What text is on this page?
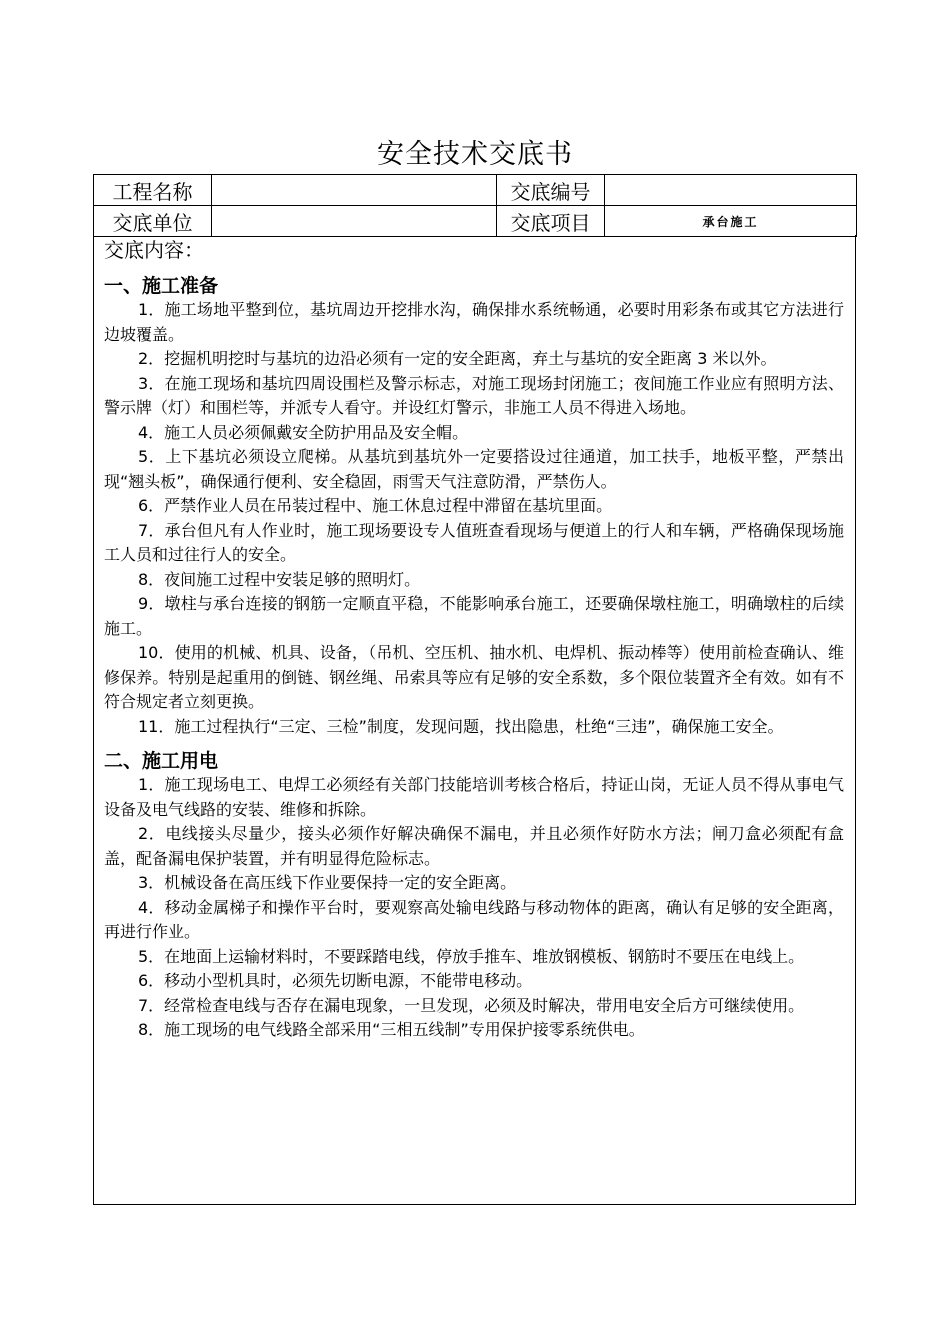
安全技术交底书
工程名称		交底编号	
交底单位		交底项目	承台施工
交底内容：
一、施工准备

1．施工场地平整到位，基坑周边开挖排水沟，确保排水系统畅通，必要时用彩条布或其它方法进行边坡覆盖。

2．挖掘机明挖时与基坑的边沿必须有一定的安全距离，弃土与基坑的安全距离 3 米以外。

3．在施工现场和基坑四周设围栏及警示标志，对施工现场封闭施工；夜间施工作业应有照明方法、警示牌（灯）和围栏等，并派专人看守。并设红灯警示，非施工人员不得进入场地。

4．施工人员必须佩戴安全防护用品及安全帽。

5．上下基坑必须设立爬梯。从基坑到基坑外一定要搭设过往通道，加工扶手，地板平整，严禁出现“翘头板”，确保通行便利、安全稳固，雨雪天气注意防滑，严禁伤人。

6．严禁作业人员在吊装过程中、施工休息过程中滞留在基坑里面。

7．承台但凡有人作业时，施工现场要设专人值班查看现场与便道上的行人和车辆，严格确保现场施工人员和过往行人的安全。

8．夜间施工过程中安装足够的照明灯。

9．墩柱与承台连接的钢筋一定顺直平稳，不能影响承台施工，还要确保墩柱施工，明确墩柱的后续施工。

10．使用的机械、机具、设备，（吊机、空压机、抽水机、电焊机、振动棒等）使用前检查确认、维修保养。特别是起重用的倒链、钢丝绳、吊索具等应有足够的安全系数，多个限位装置齐全有效。如有不符合规定者立刻更换。

11．施工过程执行“三定、三检”制度，发现问题，找出隐患，杜绝“三违”，确保施工安全。

二、施工用电

1．施工现场电工、电焊工必须经有关部门技能培训考核合格后，持证山岗，无证人员不得从事电气设备及电气线路的安装、维修和拆除。

2．电线接头尽量少，接头必须作好解决确保不漏电，并且必须作好防水方法；闸刀盒必须配有盒盖，配备漏电保护装置，并有明显得危险标志。

3．机械设备在高压线下作业要保持一定的安全距离。

4．移动金属梯子和操作平台时，要观察高处输电线路与移动物体的距离，确认有足够的安全距离，再进行作业。

5．在地面上运输材料时，不要踩踏电线，停放手推车、堆放钢模板、钢筋时不要压在电线上。

6．移动小型机具时，必须先切断电源，不能带电移动。

7．经常检查电线与否存在漏电现象，一旦发现，必须及时解决，带用电安全后方可继续使用。

8．施工现场的电气线路全部采用“三相五线制”专用保护接零系统供电。
